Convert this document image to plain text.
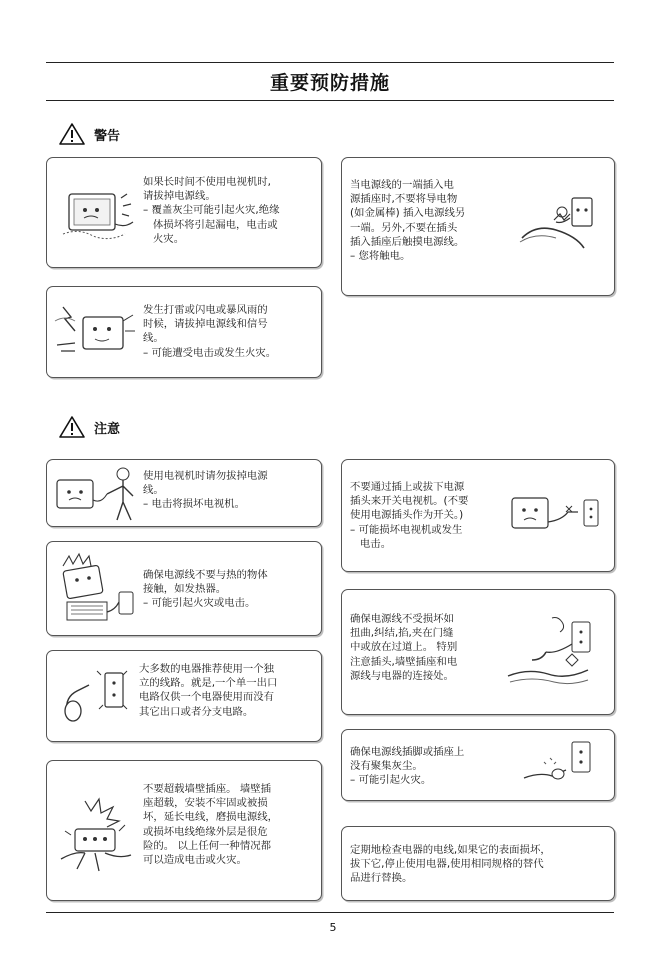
重要预防措施
警告
如果长时间不使用电视机时,
请拔掉电源线。
– 覆盖灰尘可能引起火灾,绝缘
体损坏将引起漏电，电击或
火灾。
当电源线的一端插入电
源插座时,不要将导电物
(如金属棒) 插入电源线另
一端。另外,不要在插头
插入插座后触摸电源线。
– 您将触电。
发生打雷或闪电或暴风雨的
时候，请拔掉电源线和信号
线。
– 可能遭受电击或发生火灾。
注意
使用电视机时请勿拔掉电源
线。
– 电击将损坏电视机。
不要通过插上或拔下电源
插头来开关电视机。(不要
使用电源插头作为开关。)
– 可能损坏电视机或发生
电击。
确保电源线不要与热的物体
接触，如发热器。
– 可能引起火灾或电击。
确保电源线不受损坏如
扭曲,纠结,掐,夹在门缝
中或放在过道上。 特别
注意插头,墙壁插座和电
源线与电器的连接处。
大多数的电器推荐使用一个独
立的线路。就是,一个单一出口
电路仅供一个电器使用而没有
其它出口或者分支电路。
确保电源线插脚或插座上
没有聚集灰尘。
– 可能引起火灾。
不要超载墙壁插座。 墙壁插
座超载，安装不牢固或被损
坏，延长电线，磨损电源线，
或损坏电线绝缘外层是很危
险的。 以上任何一种情况都
可以造成电击或火灾。
定期地检查电器的电线,如果它的表面损坏，
拔下它,停止使用电器,使用相同规格的替代
品进行替换。
5
